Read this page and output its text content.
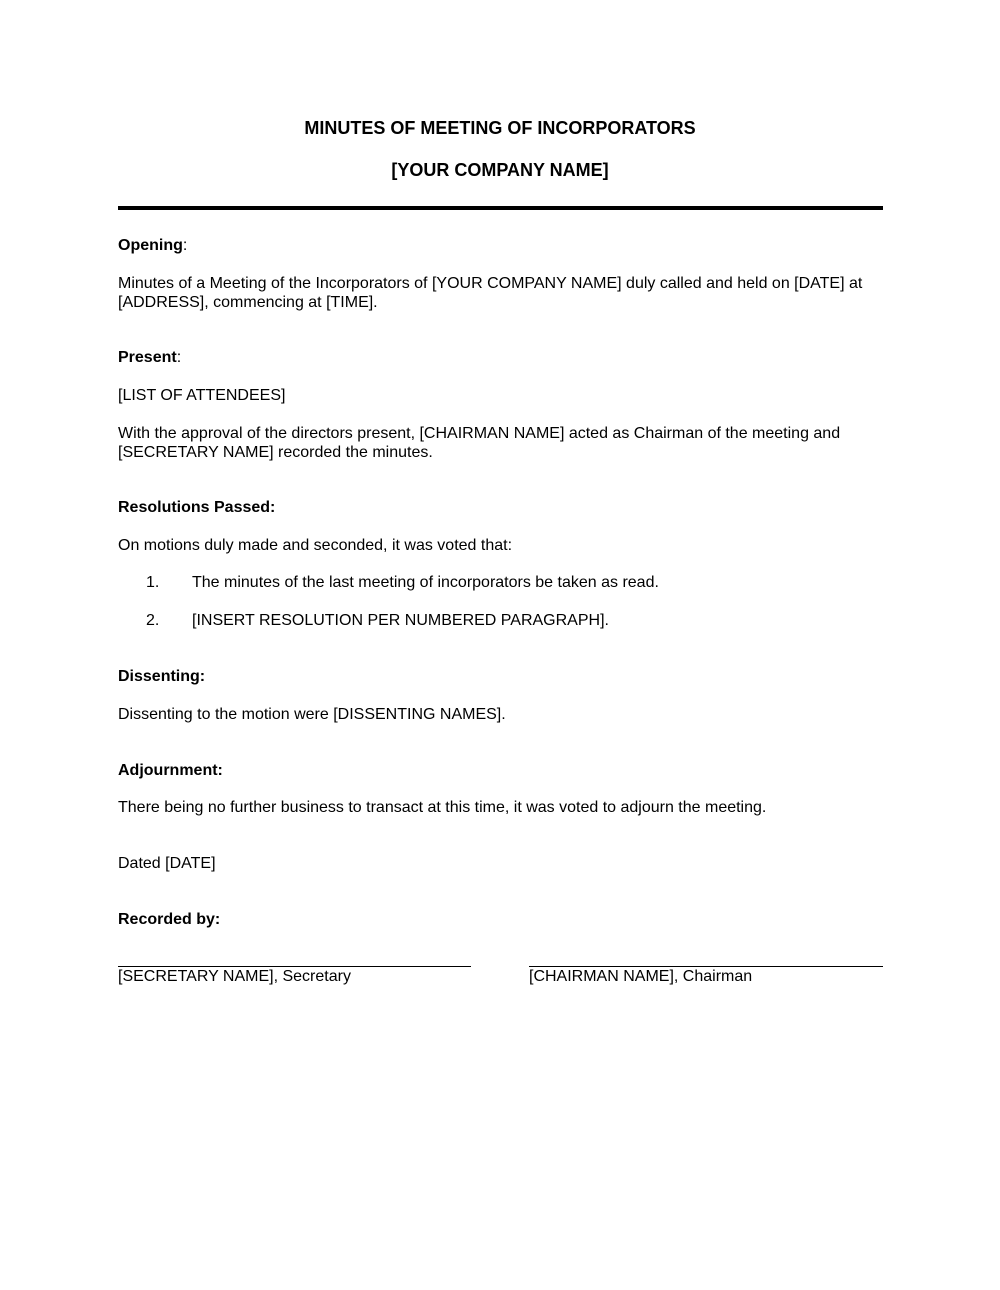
MINUTES OF MEETING OF INCORPORATORS
[YOUR COMPANY NAME]
Opening:
Minutes of a Meeting of the Incorporators of [YOUR COMPANY NAME] duly called and held on [DATE] at
[ADDRESS], commencing at [TIME].
Present:
[LIST OF ATTENDEES]
With the approval of the directors present, [CHAIRMAN NAME] acted as Chairman of the meeting and
[SECRETARY NAME] recorded the minutes.
Resolutions Passed:
On motions duly made and seconded, it was voted that:
1. The minutes of the last meeting of incorporators be taken as read.
2. [INSERT RESOLUTION PER NUMBERED PARAGRAPH].
Dissenting:
Dissenting to the motion were [DISSENTING NAMES].
Adjournment:
There being no further business to transact at this time, it was voted to adjourn the meeting.
Dated [DATE]
Recorded by:
[SECRETARY NAME], Secretary	[CHAIRMAN NAME], Chairman
